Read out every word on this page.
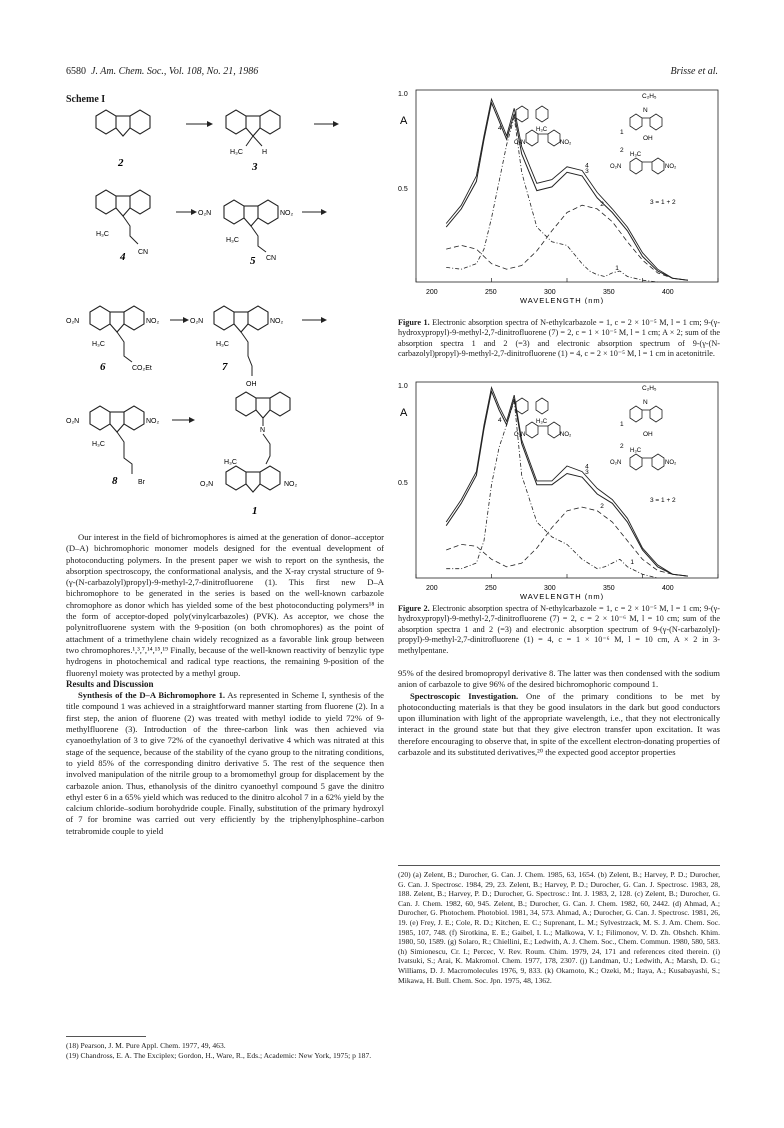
6580 J. Am. Chem. Soc., Vol. 108, No. 21, 1986	Brisse et al.
Scheme I
2
H₃C	H
3
H₃C
CN
4
O₂N	NO₂
H₃C
CN
5
O₂N	NO₂
H₃C
CO₂Et
6
O₂N	NO₂
H₃C
7
OH
O₂N	NO₂
H₃C
Br
8
N
H₃C
O₂N	NO₂
1

Our interest in the field of bichromophores is aimed at the generation of donor–acceptor (D–A) bichromophoric monomer models designed for the eventual development of photoconducting polymers. In the present paper we wish to report on the synthesis, the absorption spectroscopy, the conformational analysis, and the X-ray crystal structure of 9-(γ-(N-carbazolyl)propyl)-9-methyl-2,7-dinitrofluorene (1). This first new D–A bichromophore to be generated in the series is based on the well-known carbazole chromophore as donor which has yielded some of the best photoconducting polymers¹⁸ in the form of acceptor-doped poly(vinylcarbazoles) (PVK). As acceptor, we chose the polynitrofluorene system with the 9-position (on both chromophores) as the point of attachment of a trimethylene chain widely recognized as a favorable link group between two chromophores.¹,³,⁷,¹⁴,¹⁵,¹⁹ Finally, because of the well-known reactivity of benzylic type hydrogens in photochemical and radical type reactions, the remaining 9-position of the fluorenyl moiety was protected by a methyl group.

Results and Discussion

Synthesis of the D–A Bichromophore 1. As represented in Scheme I, synthesis of the title compound 1 was achieved in a straightforward manner starting from fluorene (2). In a first step, the anion of fluorene (2) was treated with methyl iodide to yield 72% of 9-methylfluorene (3). Introduction of the three-carbon link was then achieved via cyanoethylation of 3 to give 72% of the cyanoethyl derivative 4 which was nitrated at this stage of the sequence, because of the stability of the cyano group to the nitrating conditions, to yield 85% of the corresponding dinitro derivative 5. The rest of the sequence then involved manipulation of the nitrile group to a bromomethyl group for displacement by the carbazole anion. Thus, ethanolysis of the dinitro cyanoethyl compound 5 gave the dinitro ethyl ester 6 in a 65% yield which was reduced to the dinitro alcohol 7 in a 62% yield by the calcium chloride–sodium borohydride couple. Finally, substitution of the primary hydroxyl of 7 for bromine was carried out very efficiently by the triphenylphosphine–carbon tetrabromide couple to yield

(18) Pearson, J. M. Pure Appl. Chem. 1977, 49, 463.

(19) Chandross, E. A. The Exciplex; Gordon, H., Ware, R., Eds.; Academic: New York, 1975; p 187.

A
1.0
0.5
200	250	300	350	400
WAVELENGTH (nm)
1
2
3
4
C₂H₅
N
1
OH
H₃C
O₂N	NO₂
2
4
O₂N	NO₂
H₃C
3 = 1 + 2
Figure 1. Electronic absorption spectra of N-ethylcarbazole = 1, c = 2 × 10⁻⁵ M, l = 1 cm; 9-(γ-hydroxypropyl)-9-methyl-2,7-dinitrofluorene (7) = 2, c = 1 × 10⁻⁵ M, l = 1 cm; A × 2; sum of the absorption spectra 1 and 2 (=3) and electronic absorption spectrum of 9-(γ-(N-carbazolyl)propyl)-9-methyl-2,7-dinitrofluorene (1) = 4, c = 2 × 10⁻⁵ M, l = 1 cm in acetonitrile.
A
1.0
0.5
200	250	300	350	400
WAVELENGTH (nm)
1
2
3
4
C₂H₅
N
1
OH
H₃C
O₂N	NO₂
2
4
O₂N	NO₂
H₃C
3 = 1 + 2
Figure 2. Electronic absorption spectra of N-ethylcarbazole = 1, c = 2 × 10⁻⁵ M, l = 1 cm; 9-(γ-hydroxypropyl)-9-methyl-2,7-dinitrofluorene (7) = 2, c = 2 × 10⁻⁶ M, l = 10 cm; sum of the absorption spectra 1 and 2 (=3) and electronic absorption spectrum of 9-(γ-(N-carbazolyl)-propyl)-9-methyl-2,7-dinitrofluorene (1) = 4, c = 1 × 10⁻⁶ M, l = 10 cm, A × 2 in 3-methylpentane.

95% of the desired bromopropyl derivative 8. The latter was then condensed with the sodium anion of carbazole to give 96% of the desired bichromophoric compound 1.

Spectroscopic Investigation. One of the primary conditions to be met by photoconducting materials is that they be good insulators in the dark but good conductors upon illumination with light of the appropriate wavelength, i.e., that they not electronically interact in the ground state but that they give electron transfer upon excitation. It was therefore encouraging to observe that, in spite of the excellent electron-donating properties of carbazole and its substituted derivatives,²⁰ the expected good acceptor properties

(20) (a) Zelent, B.; Durocher, G. Can. J. Chem. 1985, 63, 1654. (b) Zelent, B.; Harvey, P. D.; Durocher, G. Can. J. Spectrosc. 1984, 29, 23. Zelent, B.; Harvey, P. D.; Durocher, G. Can. J. Spectrosc. 1983, 28, 188. Zelent, B.; Harvey, P. D.; Durocher, G. Spectrosc.: Int. J. 1983, 2, 128. (c) Zelent, B.; Durocher, G. Can. J. Chem. 1982, 60, 945. Zelent, B.; Durocher, G. Can. J. Chem. 1982, 60, 2442. (d) Ahmad, A.; Durocher, G. Photochem. Photobiol. 1981, 34, 573. Ahmad, A.; Durocher, G. Can. J. Spectrosc. 1981, 26, 19. (e) Frey, J. E.; Cole, R. D.; Kitchen, E. C.; Suprenant, L. M.; Sylvestrzack, M. S. J. Am. Chem. Soc. 1985, 107, 748. (f) Sirotkina, E. E.; Gaibel, I. L.; Malkowa, V. I.; Filimonov, V. D. Zh. Obshch. Khim. 1980, 50, 1589. (g) Solaro, R.; Chiellini, E.; Ledwith, A. J. Chem. Soc., Chem. Commun. 1980, 580, 583. (h) Simionescu, Cr. I.; Percec, V. Rev. Roum. Chim. 1979, 24, 171 and references cited therein. (i) Ivatsuki, S.; Arai, K. Makromol. Chem. 1977, 178, 2307. (j) Landman, U.; Ledwith, A.; Marsh, D. G.; Williams, D. J. Macromolecules 1976, 9, 833. (k) Okamoto, K.; Ozeki, M.; Itaya, A.; Kusabayashi, S.; Mikawa, H. Bull. Chem. Soc. Jpn. 1975, 48, 1362.
